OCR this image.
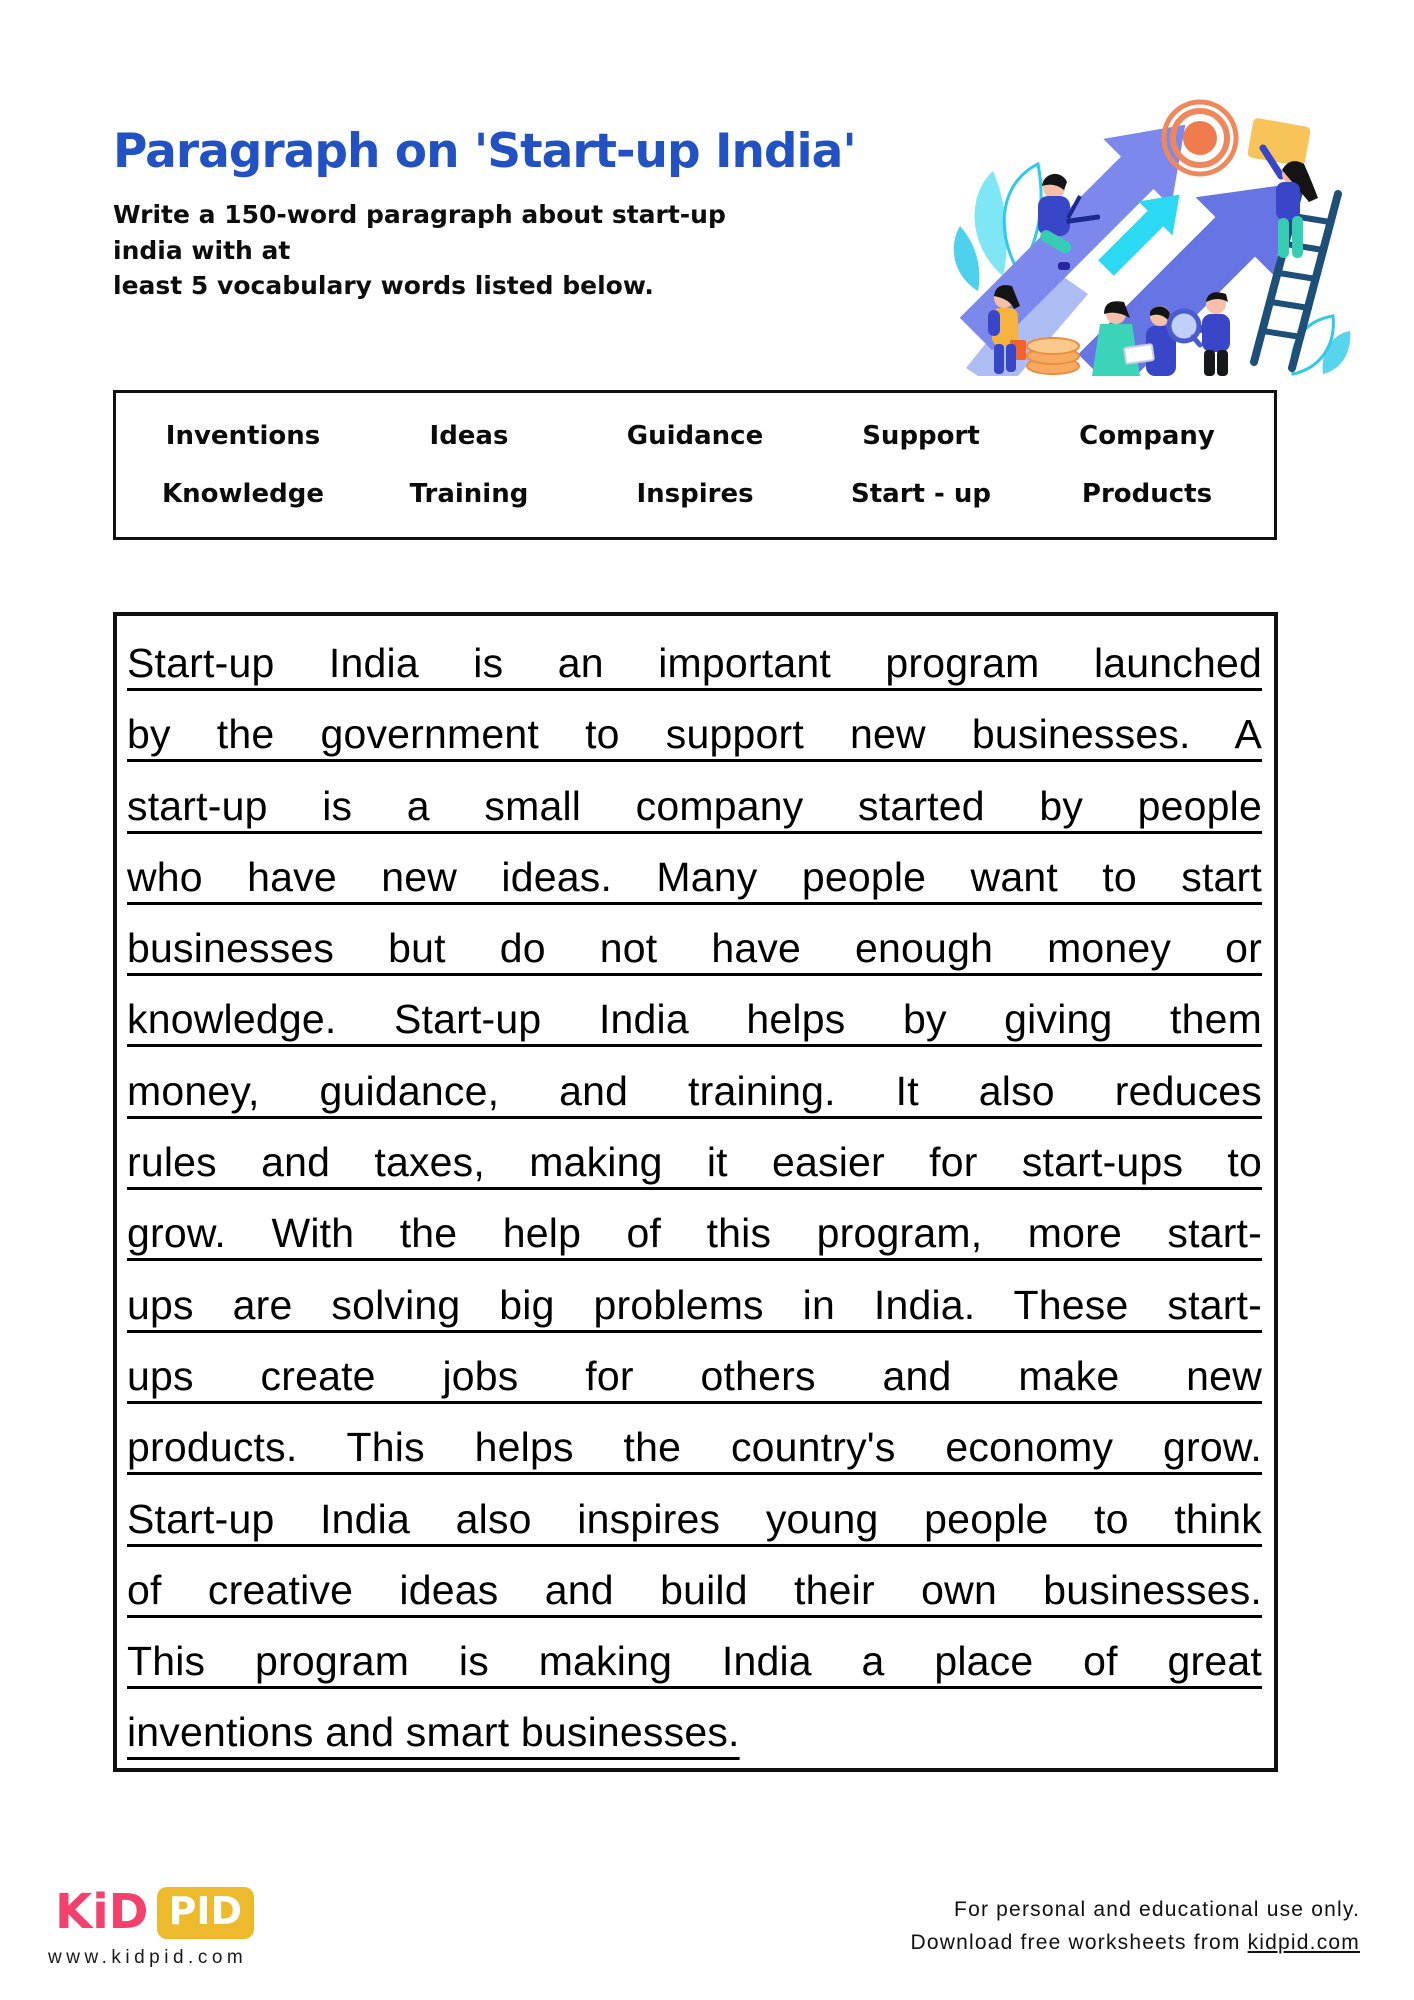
Paragraph on 'Start-up India'
Write a 150-word paragraph about start-up india with at
least 5 vocabulary words listed below.
Inventions	Ideas	Guidance	Support	Company
Knowledge	Training	Inspires	Start - up	Products
Start-up India is an important program launched
by the government to support new businesses. A
start-up is a small company started by people
who have new ideas. Many people want to start
businesses but do not have enough money or
knowledge. Start-up India helps by giving them
money, guidance, and training. It also reduces
rules and taxes, making it easier for start-ups to
grow. With the help of this program, more start-
ups are solving big problems in India. These start-
ups create jobs for others and make new
products. This helps the country's economy grow.
Start-up India also inspires young people to think
of creative ideas and build their own businesses.
This program is making India a place of great
inventions and smart businesses.
KiD PID
www.kidpid.com
For personal and educational use only.
Download free worksheets from kidpid.com
